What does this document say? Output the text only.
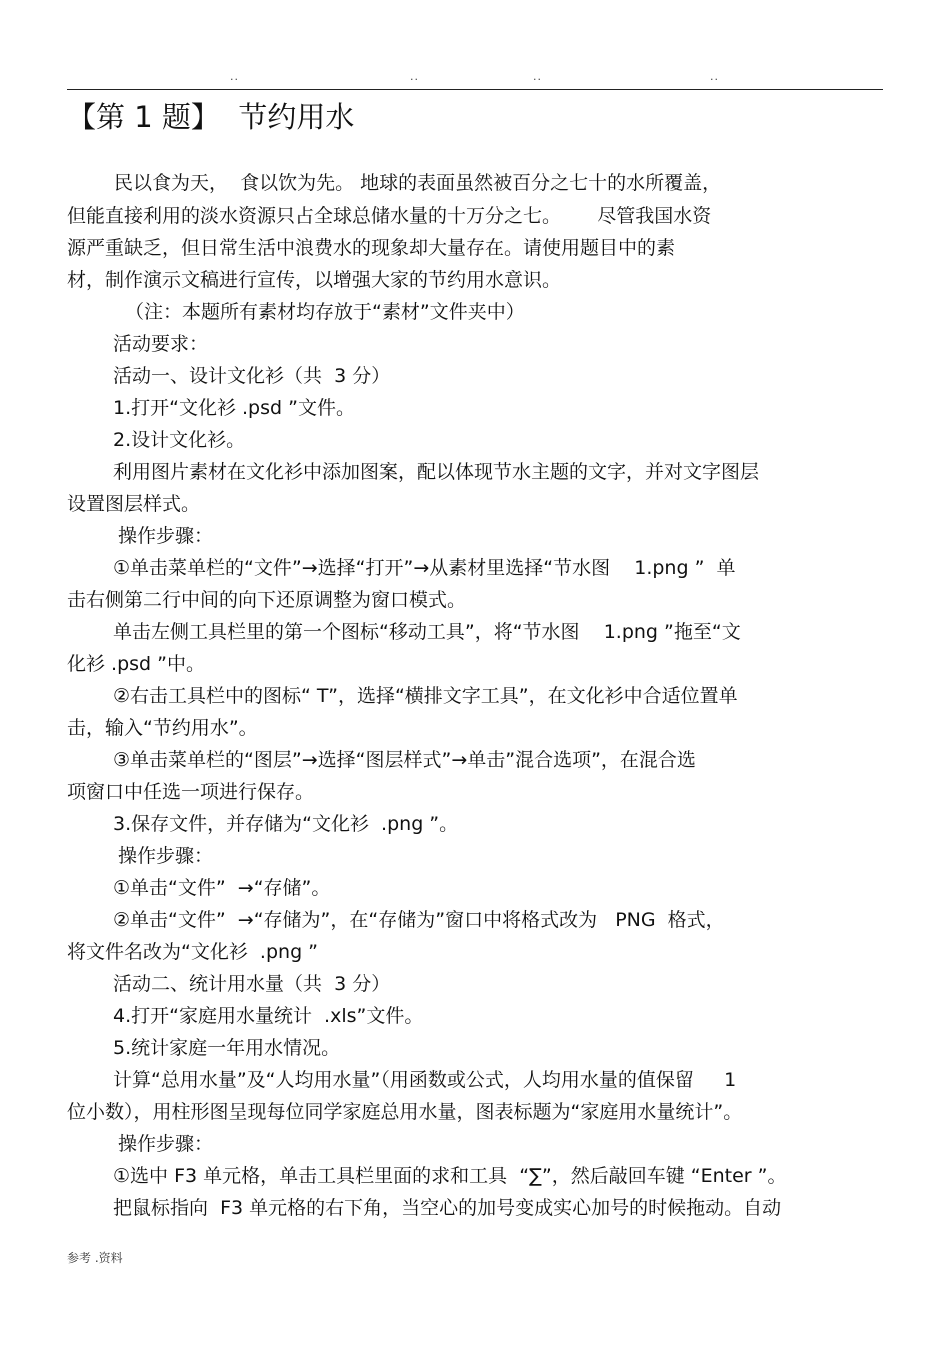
..	..	..	..
【第 1 题】  节约用水
民以食为天，  食以饮为先。 地球的表面虽然被百分之七十的水所覆盖，
但能直接利用的淡水资源只占全球总储水量的十万分之七。      尽管我国水资
源严重缺乏，但日常生活中浪费水的现象却大量存在。请使用题目中的素
材，制作演示文稿进行宣传，以增强大家的节约用水意识。
（注：本题所有素材均存放于“素材”文件夹中）
活动要求：
活动一、设计文化衫（共  3 分）
1.打开“文化衫 .psd ”文件。
2.设计文化衫。
利用图片素材在文化衫中添加图案，配以体现节水主题的文字，并对文字图层
设置图层样式。
操作步骤：
①单击菜单栏的“文件”→选择“打开”→从素材里选择“节水图    1.png ”  单
击右侧第二行中间的向下还原调整为窗口模式。
单击左侧工具栏里的第一个图标“移动工具”，将“节水图    1.png ”拖至“文
化衫 .psd ”中。
②右击工具栏中的图标“ T”，选择“横排文字工具”，在文化衫中合适位置单
击，输入“节约用水”。
③单击菜单栏的“图层”→选择“图层样式”→单击”混合选项”，在混合选
项窗口中任选一项进行保存。
3.保存文件，并存储为“文化衫  .png ”。
操作步骤：
①单击“文件”  →“存储”。
②单击“文件”  →“存储为”，在“存储为”窗口中将格式改为   PNG  格式，
将文件名改为“文化衫  .png ”
活动二、统计用水量（共  3 分）
4.打开“家庭用水量统计  .xls”文件。
5.统计家庭一年用水情况。
计算“总用水量”及“人均用水量”（用函数或公式，人均用水量的值保留     1
位小数），用柱形图呈现每位同学家庭总用水量，图表标题为“家庭用水量统计”。
操作步骤：
①选中 F3 单元格，单击工具栏里面的求和工具  “∑”，然后敲回车键 “Enter ”。
把鼠标指向  F3 单元格的右下角，当空心的加号变成实心加号的时候拖动。自动
参考 .资料
